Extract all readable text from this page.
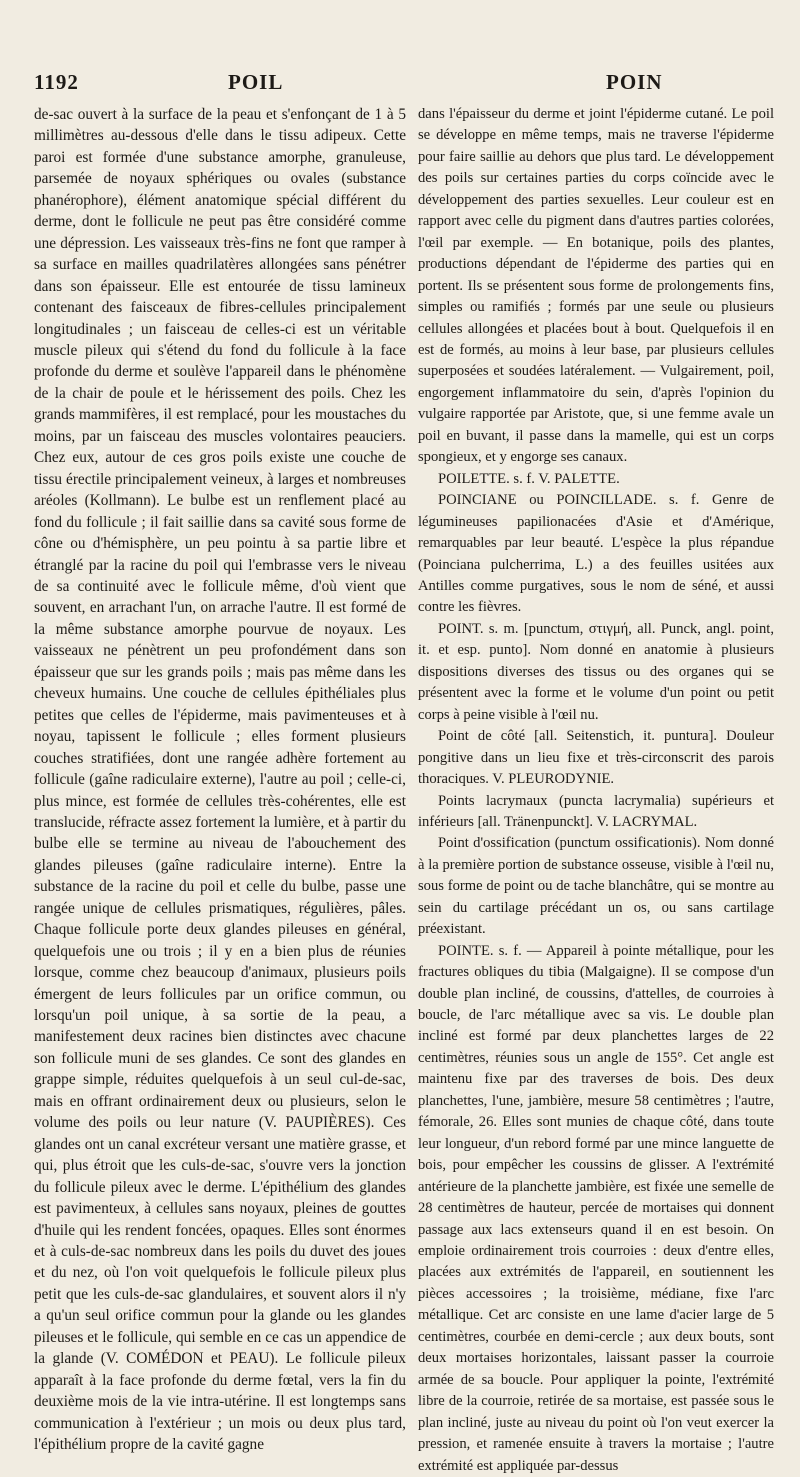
1192	POIL	POIN

de-sac ouvert à la surface de la peau et s'enfonçant de 1 à 5 millimètres au-dessous d'elle dans le tissu adipeux. Cette paroi est formée d'une substance amorphe, granuleuse, parsemée de noyaux sphériques ou ovales (substance phanérophore), élément anatomique spécial différent du derme, dont le follicule ne peut pas être considéré comme une dépression. Les vaisseaux très-fins ne font que ramper à sa surface en mailles quadrilatères allongées sans pénétrer dans son épaisseur. Elle est entourée de tissu lamineux contenant des faisceaux de fibres-cellules principalement longitudinales ; un faisceau de celles-ci est un véritable muscle pileux qui s'étend du fond du follicule à la face profonde du derme et soulève l'appareil dans le phénomène de la chair de poule et le hérissement des poils. Chez les grands mammifères, il est remplacé, pour les moustaches du moins, par un faisceau des muscles volontaires peauciers. Chez eux, autour de ces gros poils existe une couche de tissu érectile principalement veineux, à larges et nombreuses aréoles (Kollmann). Le bulbe est un renflement placé au fond du follicule ; il fait saillie dans sa cavité sous forme de cône ou d'hémisphère, un peu pointu à sa partie libre et étranglé par la racine du poil qui l'embrasse vers le niveau de sa continuité avec le follicule même, d'où vient que souvent, en arrachant l'un, on arrache l'autre. Il est formé de la même substance amorphe pourvue de noyaux. Les vaisseaux ne pénètrent un peu profondément dans son épaisseur que sur les grands poils ; mais pas même dans les cheveux humains. Une couche de cellules épithéliales plus petites que celles de l'épiderme, mais pavimenteuses et à noyau, tapissent le follicule ; elles forment plusieurs couches stratifiées, dont une rangée adhère fortement au follicule (gaîne radiculaire externe), l'autre au poil ; celle-ci, plus mince, est formée de cellules très-cohérentes, elle est translucide, réfracte assez fortement la lumière, et à partir du bulbe elle se termine au niveau de l'abouchement des glandes pileuses (gaîne radiculaire interne). Entre la substance de la racine du poil et celle du bulbe, passe une rangée unique de cellules prismatiques, régulières, pâles. Chaque follicule porte deux glandes pileuses en général, quelquefois une ou trois ; il y en a bien plus de réunies lorsque, comme chez beaucoup d'animaux, plusieurs poils émergent de leurs follicules par un orifice commun, ou lorsqu'un poil unique, à sa sortie de la peau, a manifestement deux racines bien distinctes avec chacune son follicule muni de ses glandes. Ce sont des glandes en grappe simple, réduites quelquefois à un seul cul-de-sac, mais en offrant ordinairement deux ou plusieurs, selon le volume des poils ou leur nature (V. PAUPIÈRES). Ces glandes ont un canal excréteur versant une matière grasse, et qui, plus étroit que les culs-de-sac, s'ouvre vers la jonction du follicule pileux avec le derme. L'épithélium des glandes est pavimenteux, à cellules sans noyaux, pleines de gouttes d'huile qui les rendent foncées, opaques. Elles sont énormes et à culs-de-sac nombreux dans les poils du duvet des joues et du nez, où l'on voit quelquefois le follicule pileux plus petit que les culs-de-sac glandulaires, et souvent alors il n'y a qu'un seul orifice commun pour la glande ou les glandes pileuses et le follicule, qui semble en ce cas un appendice de la glande (V. COMÉDON et PEAU). Le follicule pileux apparaît à la face profonde du derme fœtal, vers la fin du deuxième mois de la vie intra-utérine. Il est longtemps sans communication à l'extérieur ; un mois ou deux plus tard, l'épithélium propre de la cavité gagne

dans l'épaisseur du derme et joint l'épiderme cutané. Le poil se développe en même temps, mais ne traverse l'épiderme pour faire saillie au dehors que plus tard. Le développement des poils sur certaines parties du corps coïncide avec le développement des parties sexuelles. Leur couleur est en rapport avec celle du pigment dans d'autres parties colorées, l'œil par exemple. — En botanique, poils des plantes, productions dépendant de l'épiderme des parties qui en portent. Ils se présentent sous forme de prolongements fins, simples ou ramifiés ; formés par une seule ou plusieurs cellules allongées et placées bout à bout. Quelquefois il en est de formés, au moins à leur base, par plusieurs cellules superposées et soudées latéralement. — Vulgairement, poil, engorgement inflammatoire du sein, d'après l'opinion du vulgaire rapportée par Aristote, que, si une femme avale un poil en buvant, il passe dans la mamelle, qui est un corps spongieux, et y engorge ses canaux.

POILETTE. s. f. V. PALETTE.

POINCIANE ou POINCILLADE. s. f. Genre de légumineuses papilionacées d'Asie et d'Amérique, remarquables par leur beauté. L'espèce la plus répandue (Poinciana pulcherrima, L.) a des feuilles usitées aux Antilles comme purgatives, sous le nom de séné, et aussi contre les fièvres.

POINT. s. m. [punctum, στιγμή, all. Punck, angl. point, it. et esp. punto]. Nom donné en anatomie à plusieurs dispositions diverses des tissus ou des organes qui se présentent avec la forme et le volume d'un point ou petit corps à peine visible à l'œil nu.

Point de côté [all. Seitenstich, it. puntura]. Douleur pongitive dans un lieu fixe et très-circonscrit des parois thoraciques. V. PLEURODYNIE.

Points lacrymaux (puncta lacrymalia) supérieurs et inférieurs [all. Tränenpunckt]. V. LACRYMAL.

Point d'ossification (punctum ossificationis). Nom donné à la première portion de substance osseuse, visible à l'œil nu, sous forme de point ou de tache blanchâtre, qui se montre au sein du cartilage précédant un os, ou sans cartilage préexistant.

POINTE. s. f. — Appareil à pointe métallique, pour les fractures obliques du tibia (Malgaigne). Il se compose d'un double plan incliné, de coussins, d'attelles, de courroies à boucle, de l'arc métallique avec sa vis. Le double plan incliné est formé par deux planchettes larges de 22 centimètres, réunies sous un angle de 155°. Cet angle est maintenu fixe par des traverses de bois. Des deux planchettes, l'une, jambière, mesure 58 centimètres ; l'autre, fémorale, 26. Elles sont munies de chaque côté, dans toute leur longueur, d'un rebord formé par une mince languette de bois, pour empêcher les coussins de glisser. A l'extrémité antérieure de la planchette jambière, est fixée une semelle de 28 centimètres de hauteur, percée de mortaises qui donnent passage aux lacs extenseurs quand il en est besoin. On emploie ordinairement trois courroies : deux d'entre elles, placées aux extrémités de l'appareil, en soutiennent les pièces accessoires ; la troisième, médiane, fixe l'arc métallique. Cet arc consiste en une lame d'acier large de 5 centimètres, courbée en demi-cercle ; aux deux bouts, sont deux mortaises horizontales, laissant passer la courroie armée de sa boucle. Pour appliquer la pointe, l'extrémité libre de la courroie, retirée de sa mortaise, est passée sous le plan incliné, juste au niveau du point où l'on veut exercer la pression, et ramenée ensuite à travers la mortaise ; l'autre extrémité est appliquée par-dessus
